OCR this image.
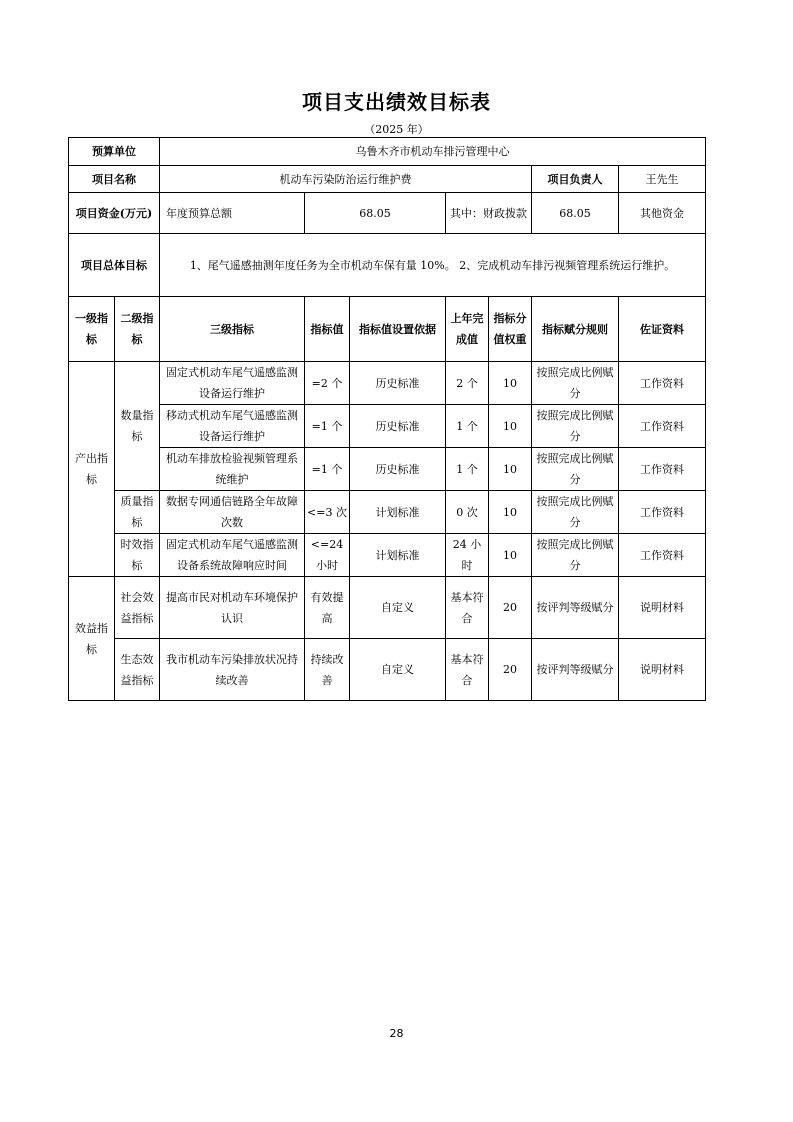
项目支出绩效目标表
（2025 年）
预算单位		乌鲁木齐市机动车排污管理中心						
项目名称		机动车污染防治运行维护费					项目负责人	王先生
项目资金(万元)		年度预算总额	68.05		其中：财政拨款		68.05	其他资金
项目总体目标		1、尾气遥感抽测年度任务为全市机动车保有量 10%。 2、完成机动车排污视频管理系统运行维护。						
一级指标	二级指标	三级指标	指标值	指标值设置依据	上年完成值	指标分值权重	指标赋分规则	佐证资料
产出指标	数量指标	固定式机动车尾气遥感监测设备运行维护	=2 个	历史标准	2 个	10	按照完成比例赋分	工作资料
		移动式机动车尾气遥感监测设备运行维护	=1 个	历史标准	1 个	10	按照完成比例赋分	工作资料
		机动车排放检验视频管理系统维护	=1 个	历史标准	1 个	10	按照完成比例赋分	工作资料
	质量指标	数据专网通信链路全年故障次数	<=3 次	计划标准	0 次	10	按照完成比例赋分	工作资料
	时效指标	固定式机动车尾气遥感监测设备系统故障响应时间	<=24 小时	计划标准	24 小时	10	按照完成比例赋分	工作资料
效益指标	社会效益指标	提高市民对机动车环境保护认识	有效提高	自定义	基本符合	20	按评判等级赋分	说明材料
	生态效益指标	我市机动车污染排放状况持续改善	持续改善	自定义	基本符合	20	按评判等级赋分	说明材料
28
